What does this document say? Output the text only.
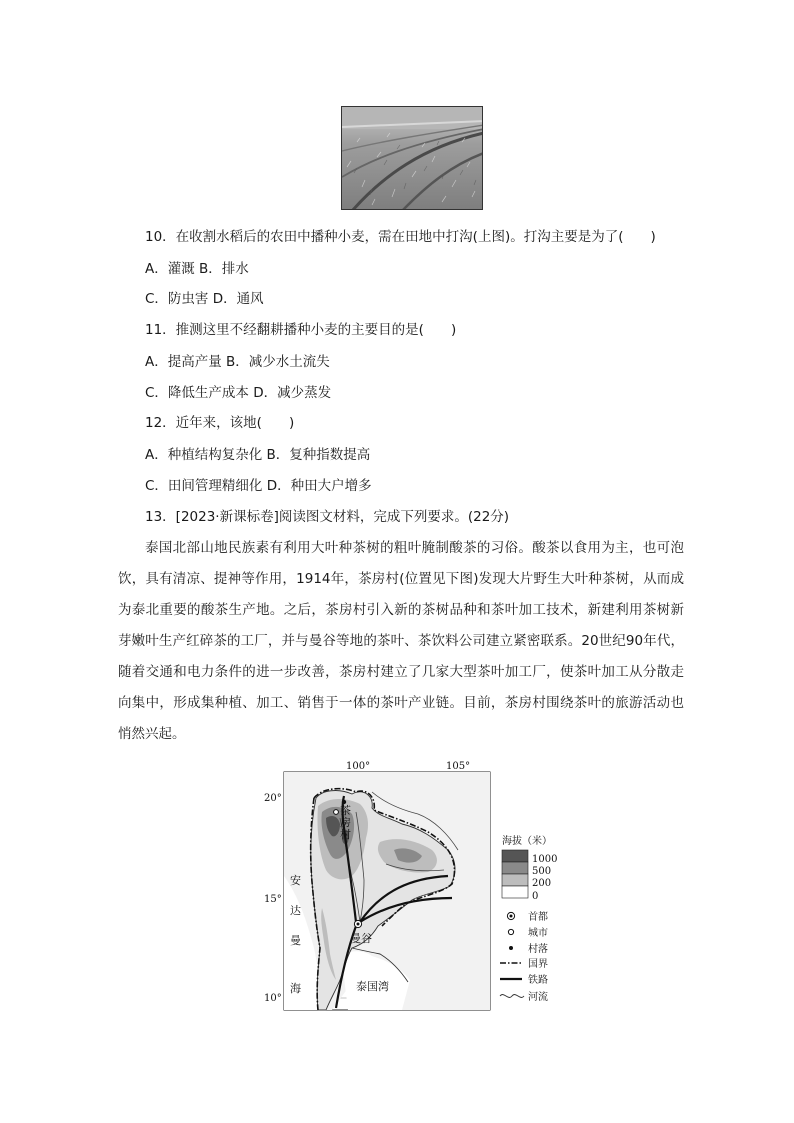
10．在收割水稻后的农田中播种小麦，需在田地中打沟(上图)。打沟主要是为了(　　)
A．灌溉 B．排水
C．防虫害 D．通风
11．推测这里不经翻耕播种小麦的主要目的是(　　)
A．提高产量 B．减少水土流失
C．降低生产成本 D．减少蒸发
12．近年来，该地(　　)
A．种植结构复杂化 B．复种指数提高
C．田间管理精细化 D．种田大户增多
13．[2023·新课标卷]阅读图文材料，完成下列要求。(22分)
泰国北部山地民族素有利用大叶种茶树的粗叶腌制酸茶的习俗。酸茶以食用为主，也可泡饮，具有清凉、提神等作用，1914年，茶房村(位置见下图)发现大片野生大叶种茶树，从而成为泰北重要的酸茶生产地。之后，茶房村引入新的茶树品种和茶叶加工技术，新建利用茶树新芽嫩叶生产红碎茶的工厂，并与曼谷等地的茶叶、茶饮料公司建立紧密联系。20世纪90年代，随着交通和电力条件的进一步改善，茶房村建立了几家大型茶叶加工厂，使茶叶加工从分散走向集中，形成集种植、加工、销售于一体的茶叶产业链。目前，茶房村围绕茶叶的旅游活动也悄然兴起。
茶
房
村
曼谷
泰国湾
安
达
曼
海
100°	105°
20°
15°
10°
海拔（米）
1000
500
200
0
首都
城市
村落
国界
铁路
河流
